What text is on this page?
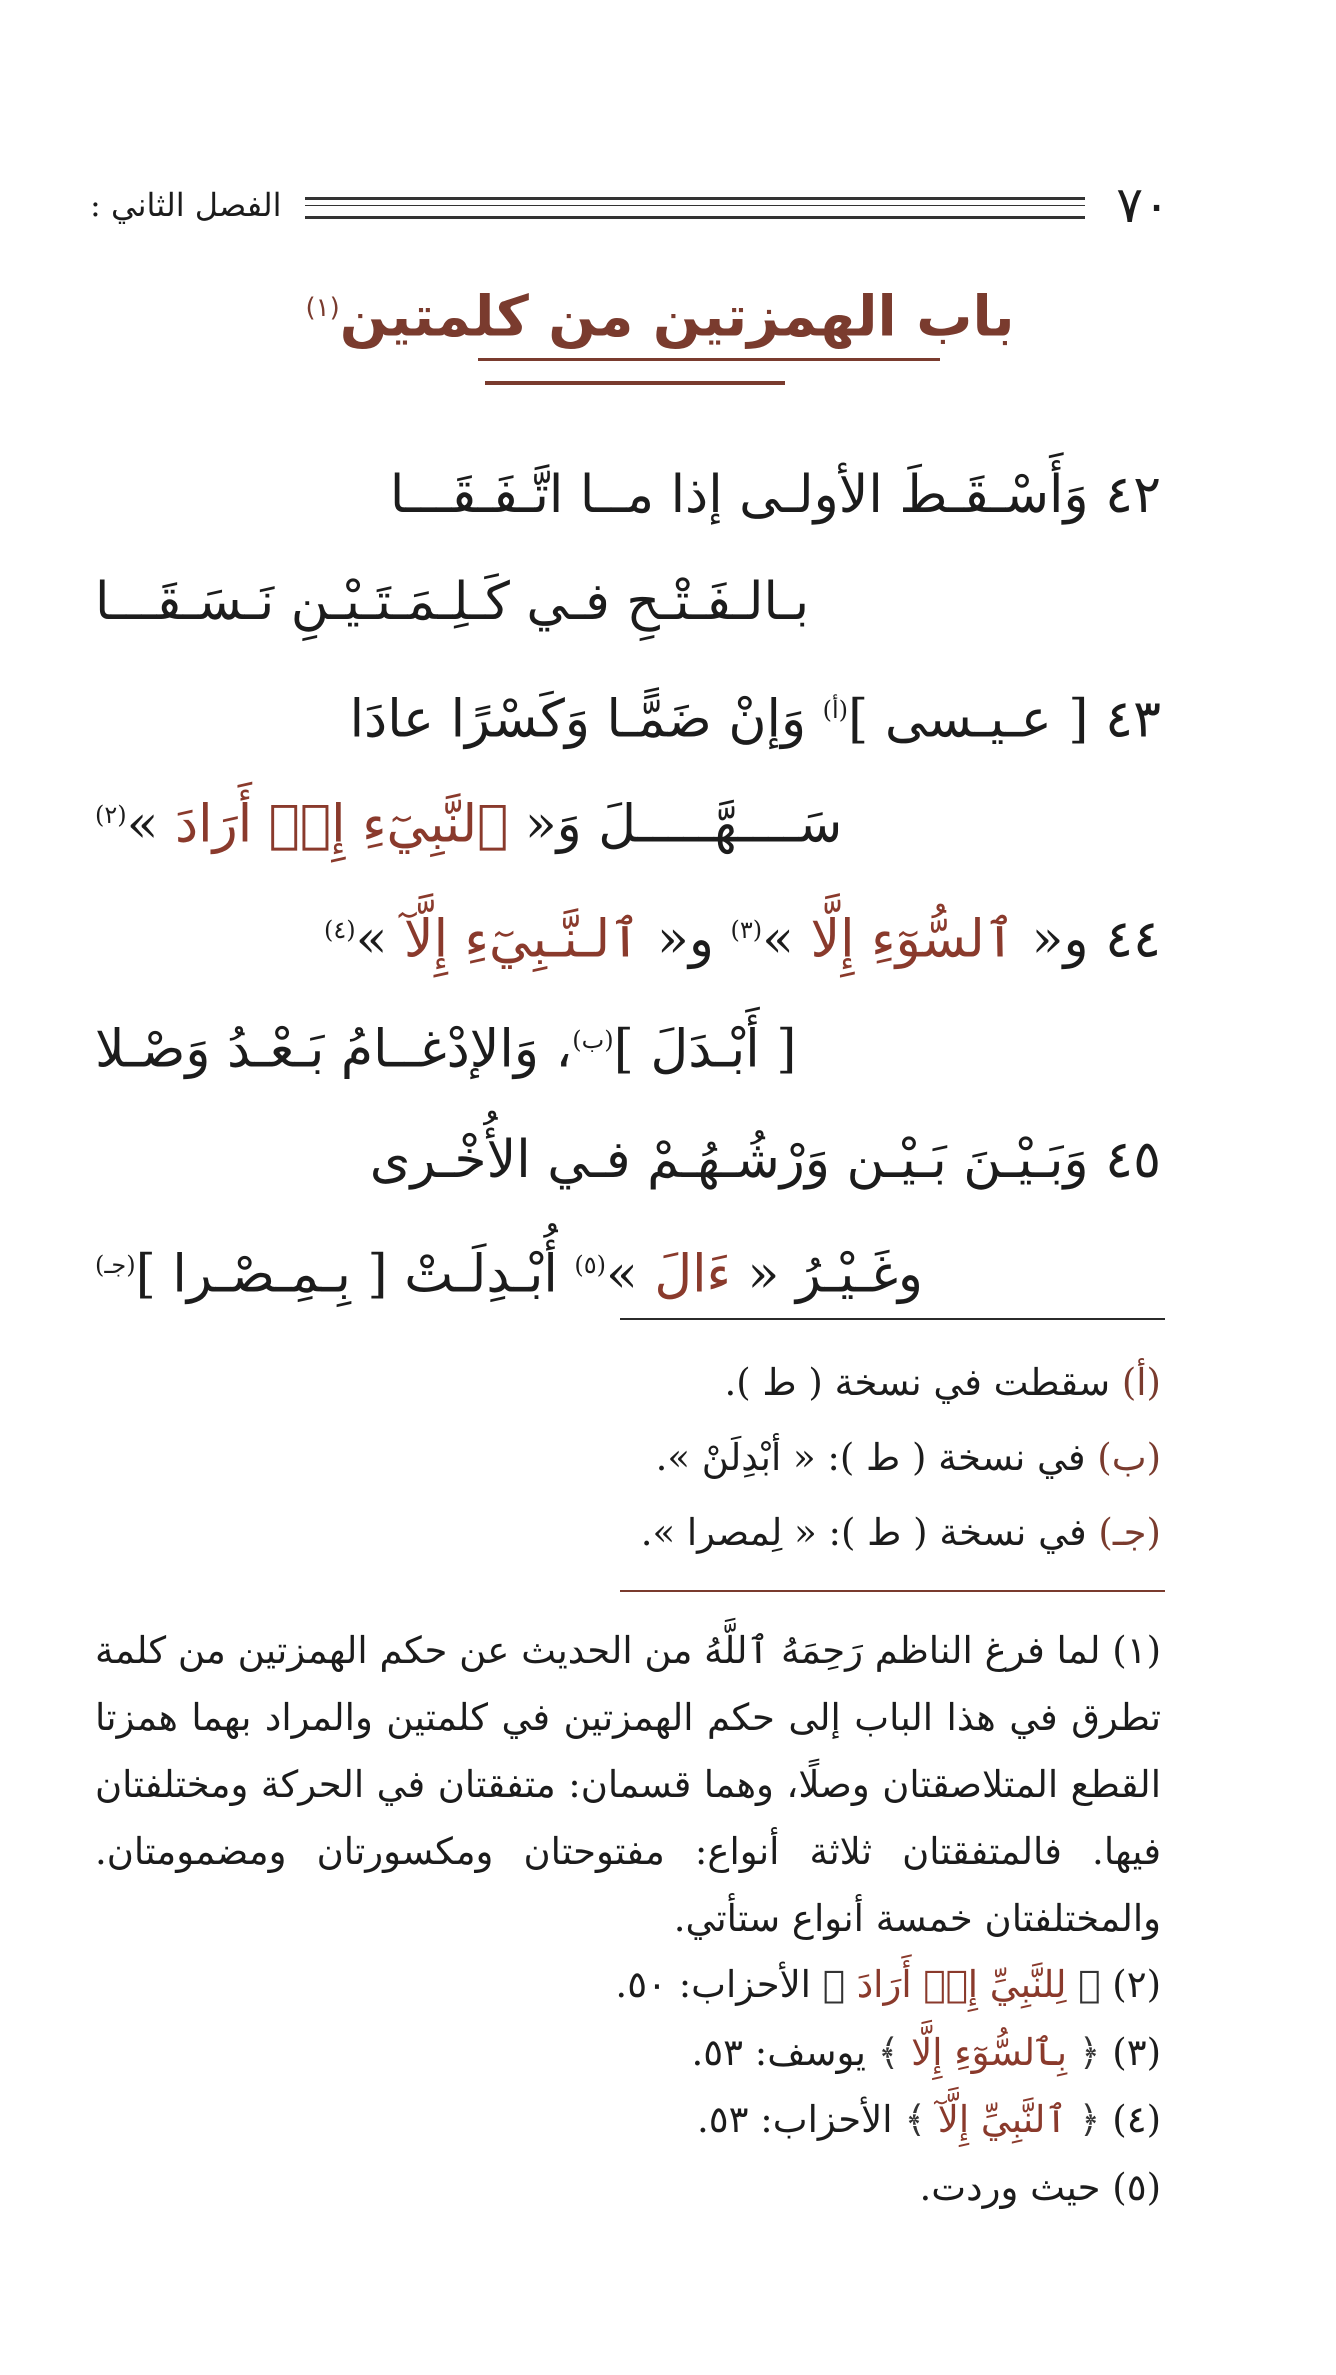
٧٠
الفصل الثاني :
باب الهمزتين من كلمتين$^{(١)}$
٤٢ وَأَسْـقَـطَ الأولـى إذا مــا اتَّـفَـقَـــا
بـالـفَـتْـحِ فـي كَـلِـمَـتَـيْـنِ نَـسَـقَـــا
٤٣ [ عـيـسى ]$^{(أ)}$ وَإنْ ضَمًّـا وَكَسْرًا عادَا
سَــــهَّـــــلَ وَ« ٱلنَّبِيٓءِ إِنۡ أَرَادَ »$^{(٢)}$
٤٤ و« ٱلسُّوٓءِ إِلَّا »$^{(٣)}$ و« ٱلـنَّـبِيٓءِ إِلَّآ »$^{(٤)}$
[ أَبْـدَلَ ]$^{(ب)}$، وَالإدْغــامُ بَـعْـدُ وَصْـلا
٤٥ وَبَـيْـنَ بَـيْـن وَرْشُـهُـمْ فـي الأُخْـرى
وغَـيْـرُ « ءَالَ »$^{(٥)}$ أُبْـدِلَـتْ [ بِـمِـصْـرا ]$^{(جـ)}$
(أ) سقطت في نسخة ( ط ).
(ب) في نسخة ( ط ): « أبْدِلَنْ ».
(جـ) في نسخة ( ط ): « لِمصرا ».
(١) لما فرغ الناظم رَحِمَهُ ٱللَّهُ من الحديث عن حكم الهمزتين من كلمة تطرق في هذا الباب إلى حكم الهمزتين في كلمتين والمراد بهما همزتا القطع المتلاصقتان وصلًا، وهما قسمان: متفقتان في الحركة ومختلفتان فيها. فالمتفقتان ثلاثة أنواع: مفتوحتان ومكسورتان ومضمومتان. والمختلفتان خمسة أنواع ستأتي.
(٢) ﴿ لِلنَّبِيِّ إِنۡ أَرَادَ ﴾ الأحزاب: ٥٠.
(٣) ﴿ بِٱلسُّوٓءِ إِلَّا ﴾ يوسف: ٥٣.
(٤) ﴿ ٱلنَّبِيِّ إِلَّآ ﴾ الأحزاب: ٥٣.
(٥) حيث وردت.
